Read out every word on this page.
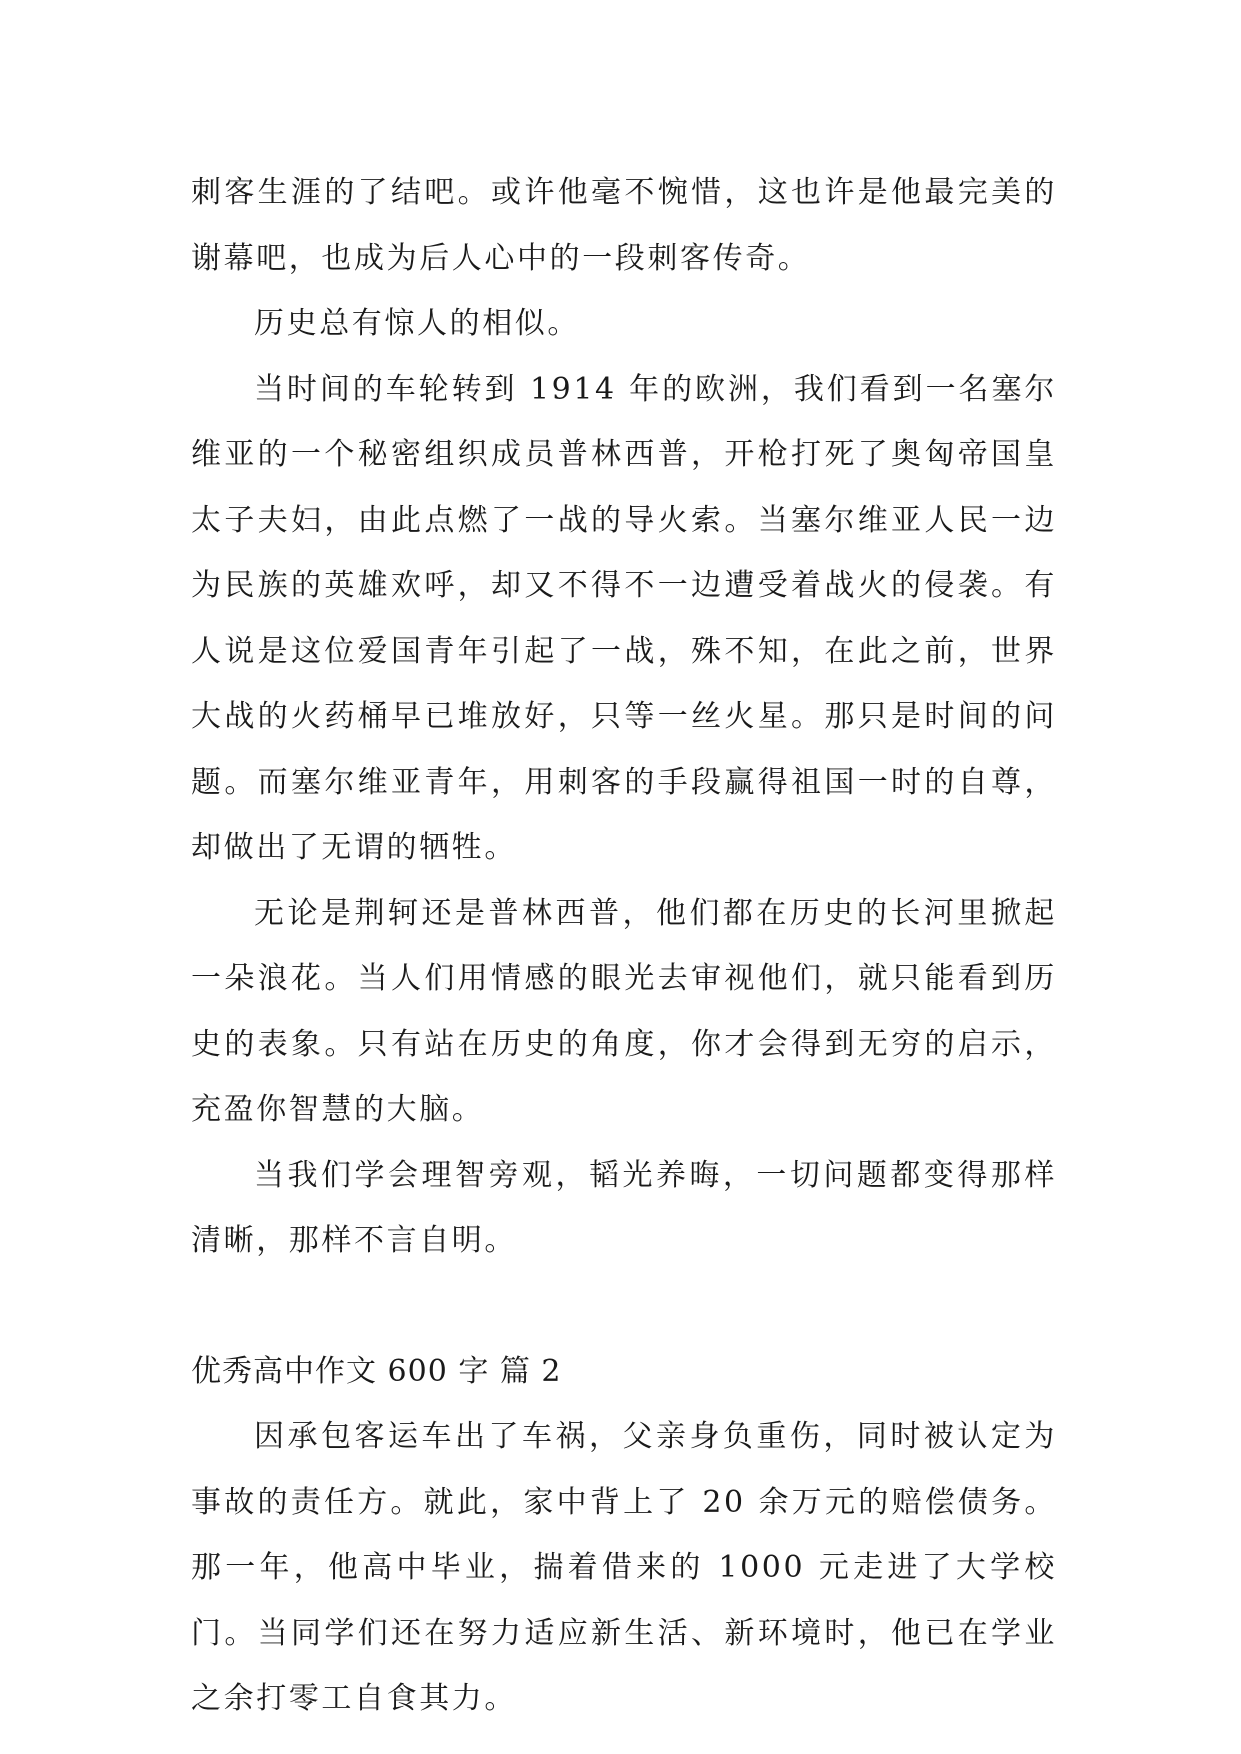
刺客生涯的了结吧。或许他毫不惋惜，这也许是他最完美的谢幕吧，也成为后人心中的一段刺客传奇。

历史总有惊人的相似。

当时间的车轮转到 1914 年的欧洲，我们看到一名塞尔维亚的一个秘密组织成员普林西普，开枪打死了奥匈帝国皇太子夫妇，由此点燃了一战的导火索。当塞尔维亚人民一边为民族的英雄欢呼，却又不得不一边遭受着战火的侵袭。有人说是这位爱国青年引起了一战，殊不知，在此之前，世界大战的火药桶早已堆放好，只等一丝火星。那只是时间的问题。而塞尔维亚青年，用刺客的手段赢得祖国一时的自尊，却做出了无谓的牺牲。

无论是荆轲还是普林西普，他们都在历史的长河里掀起一朵浪花。当人们用情感的眼光去审视他们，就只能看到历史的表象。只有站在历史的角度，你才会得到无穷的启示，充盈你智慧的大脑。

当我们学会理智旁观，韬光养晦，一切问题都变得那样清晰，那样不言自明。

优秀高中作文 600 字 篇 2

因承包客运车出了车祸，父亲身负重伤，同时被认定为事故的责任方。就此，家中背上了 20 余万元的赔偿债务。那一年，他高中毕业，揣着借来的 1000 元走进了大学校门。当同学们还在努力适应新生活、新环境时，他已在学业之余打零工自食其力。
